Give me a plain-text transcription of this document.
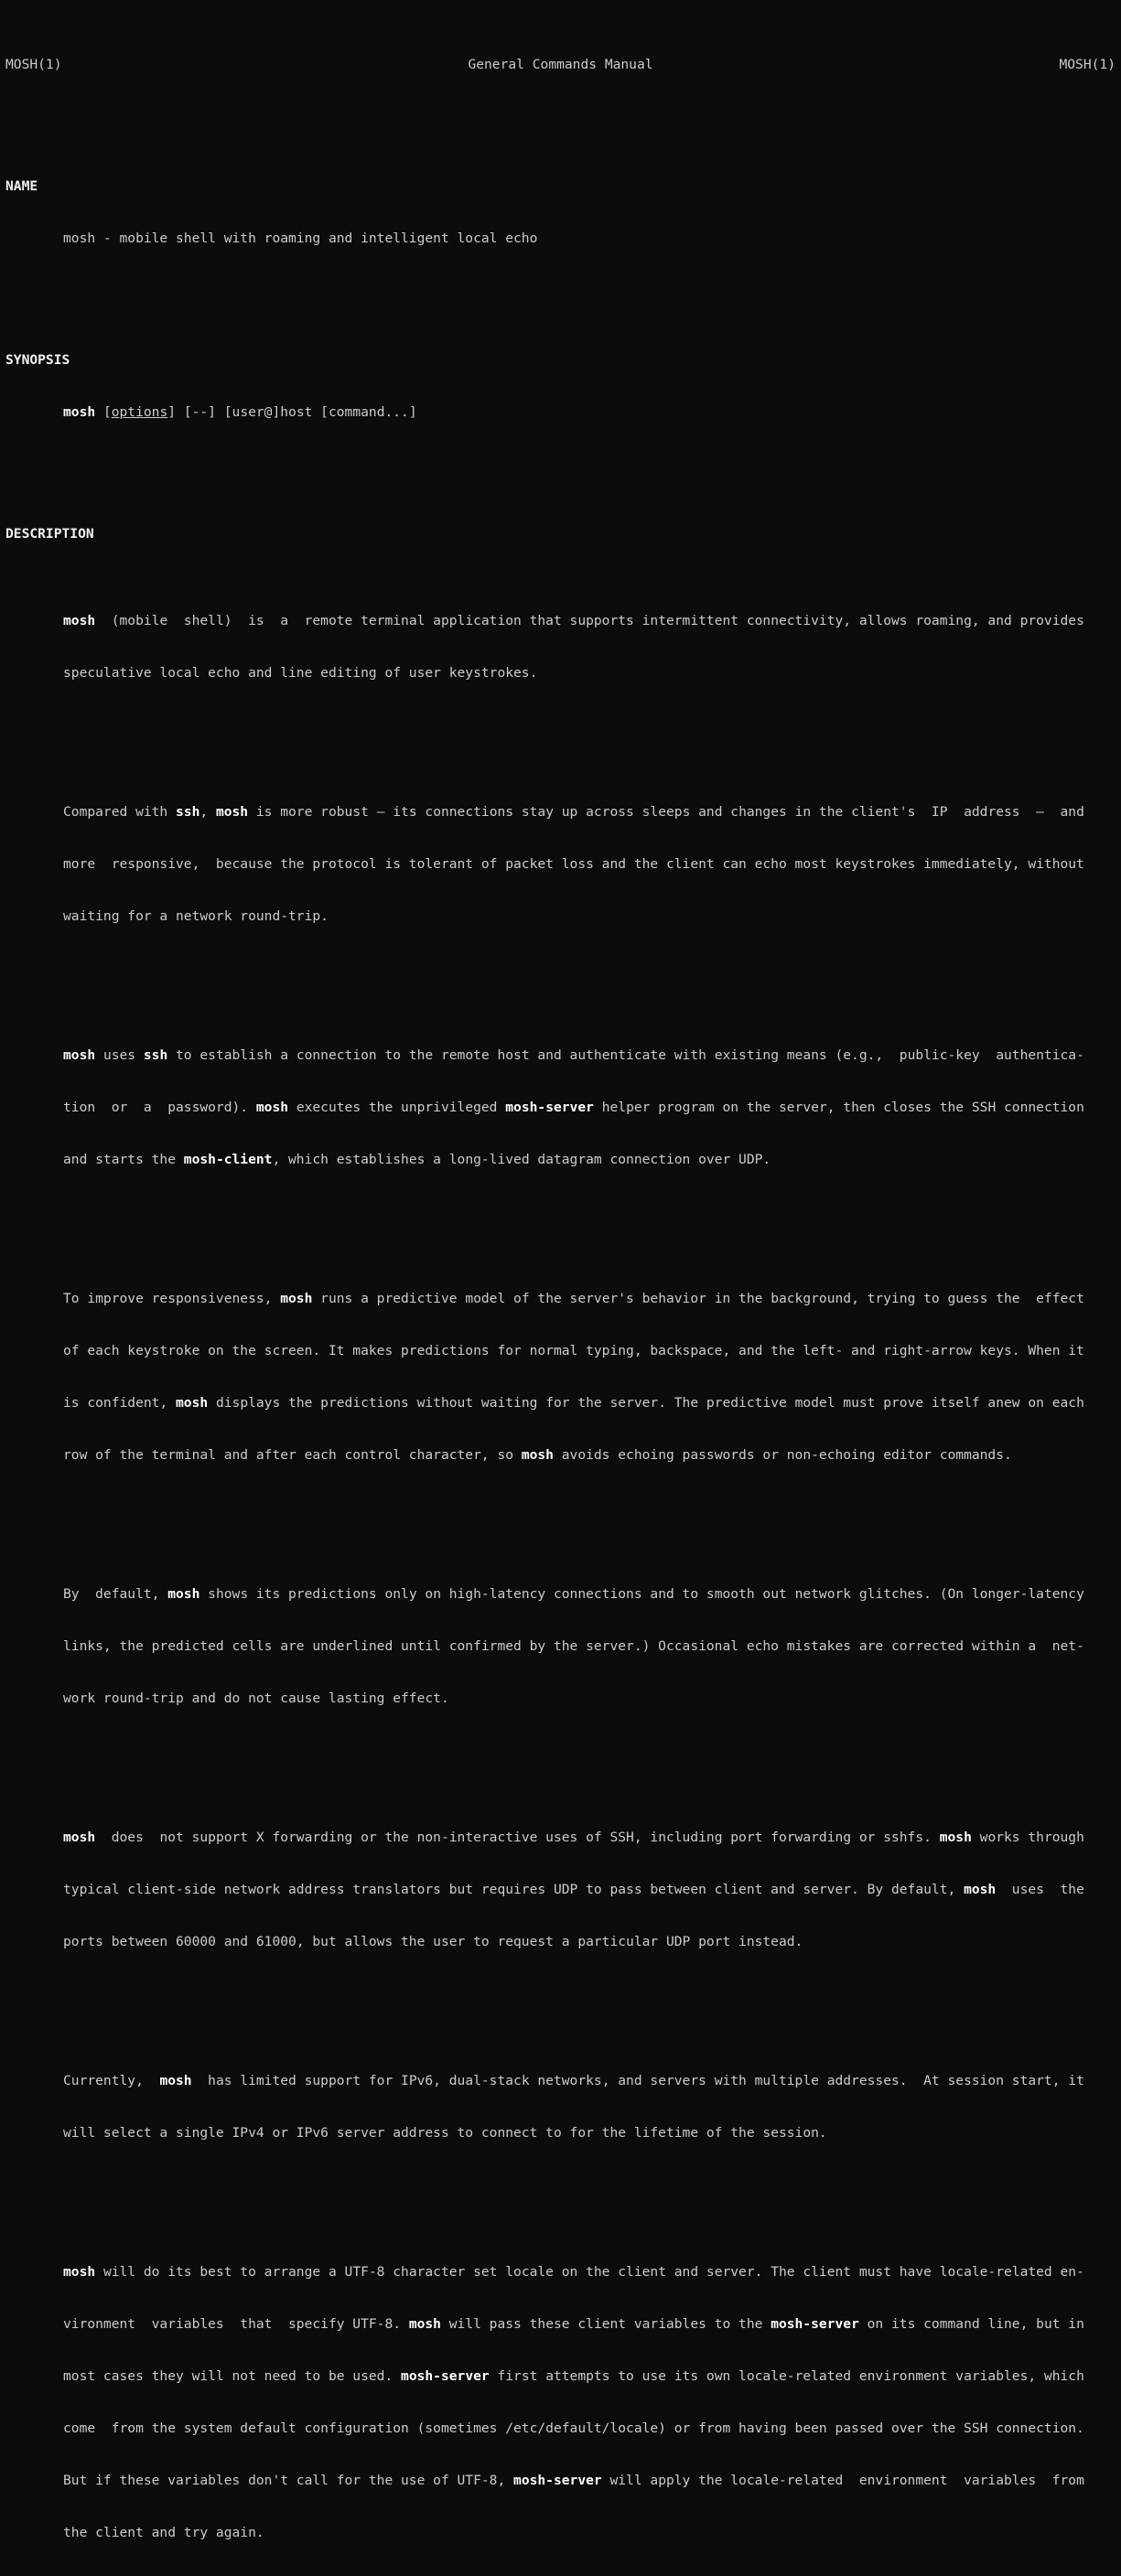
MOSH(1)	General Commands Manual	MOSH(1)

NAME

mosh - mobile shell with roaming and intelligent local echo

SYNOPSIS

mosh [options] [--] [user@]host [command...]

DESCRIPTION

mosh  (mobile  shell)  is  a  remote terminal application that supports intermittent connectivity, allows roaming, and provides

speculative local echo and line editing of user keystrokes.

Compared with ssh, mosh is more robust — its connections stay up across sleeps and changes in the client's  IP  address  —  and

more  responsive,  because the protocol is tolerant of packet loss and the client can echo most keystrokes immediately, without

waiting for a network round-trip.

mosh uses ssh to establish a connection to the remote host and authenticate with existing means (e.g.,  public-key  authentica-

tion  or  a  password). mosh executes the unprivileged mosh-server helper program on the server, then closes the SSH connection

and starts the mosh-client, which establishes a long-lived datagram connection over UDP.

To improve responsiveness, mosh runs a predictive model of the server's behavior in the background, trying to guess the  effect

of each keystroke on the screen. It makes predictions for normal typing, backspace, and the left- and right-arrow keys. When it

is confident, mosh displays the predictions without waiting for the server. The predictive model must prove itself anew on each

row of the terminal and after each control character, so mosh avoids echoing passwords or non-echoing editor commands.

By  default, mosh shows its predictions only on high-latency connections and to smooth out network glitches. (On longer-latency

links, the predicted cells are underlined until confirmed by the server.) Occasional echo mistakes are corrected within a  net-

work round-trip and do not cause lasting effect.

mosh  does  not support X forwarding or the non-interactive uses of SSH, including port forwarding or sshfs. mosh works through

typical client-side network address translators but requires UDP to pass between client and server. By default, mosh  uses  the

ports between 60000 and 61000, but allows the user to request a particular UDP port instead.

Currently,  mosh  has limited support for IPv6, dual-stack networks, and servers with multiple addresses.  At session start, it

will select a single IPv4 or IPv6 server address to connect to for the lifetime of the session.

mosh will do its best to arrange a UTF-8 character set locale on the client and server. The client must have locale-related en-

vironment  variables  that  specify UTF-8. mosh will pass these client variables to the mosh-server on its command line, but in

most cases they will not need to be used. mosh-server first attempts to use its own locale-related environment variables, which

come  from the system default configuration (sometimes /etc/default/locale) or from having been passed over the SSH connection.

But if these variables don't call for the use of UTF-8, mosh-server will apply the locale-related  environment  variables  from

the client and try again.
